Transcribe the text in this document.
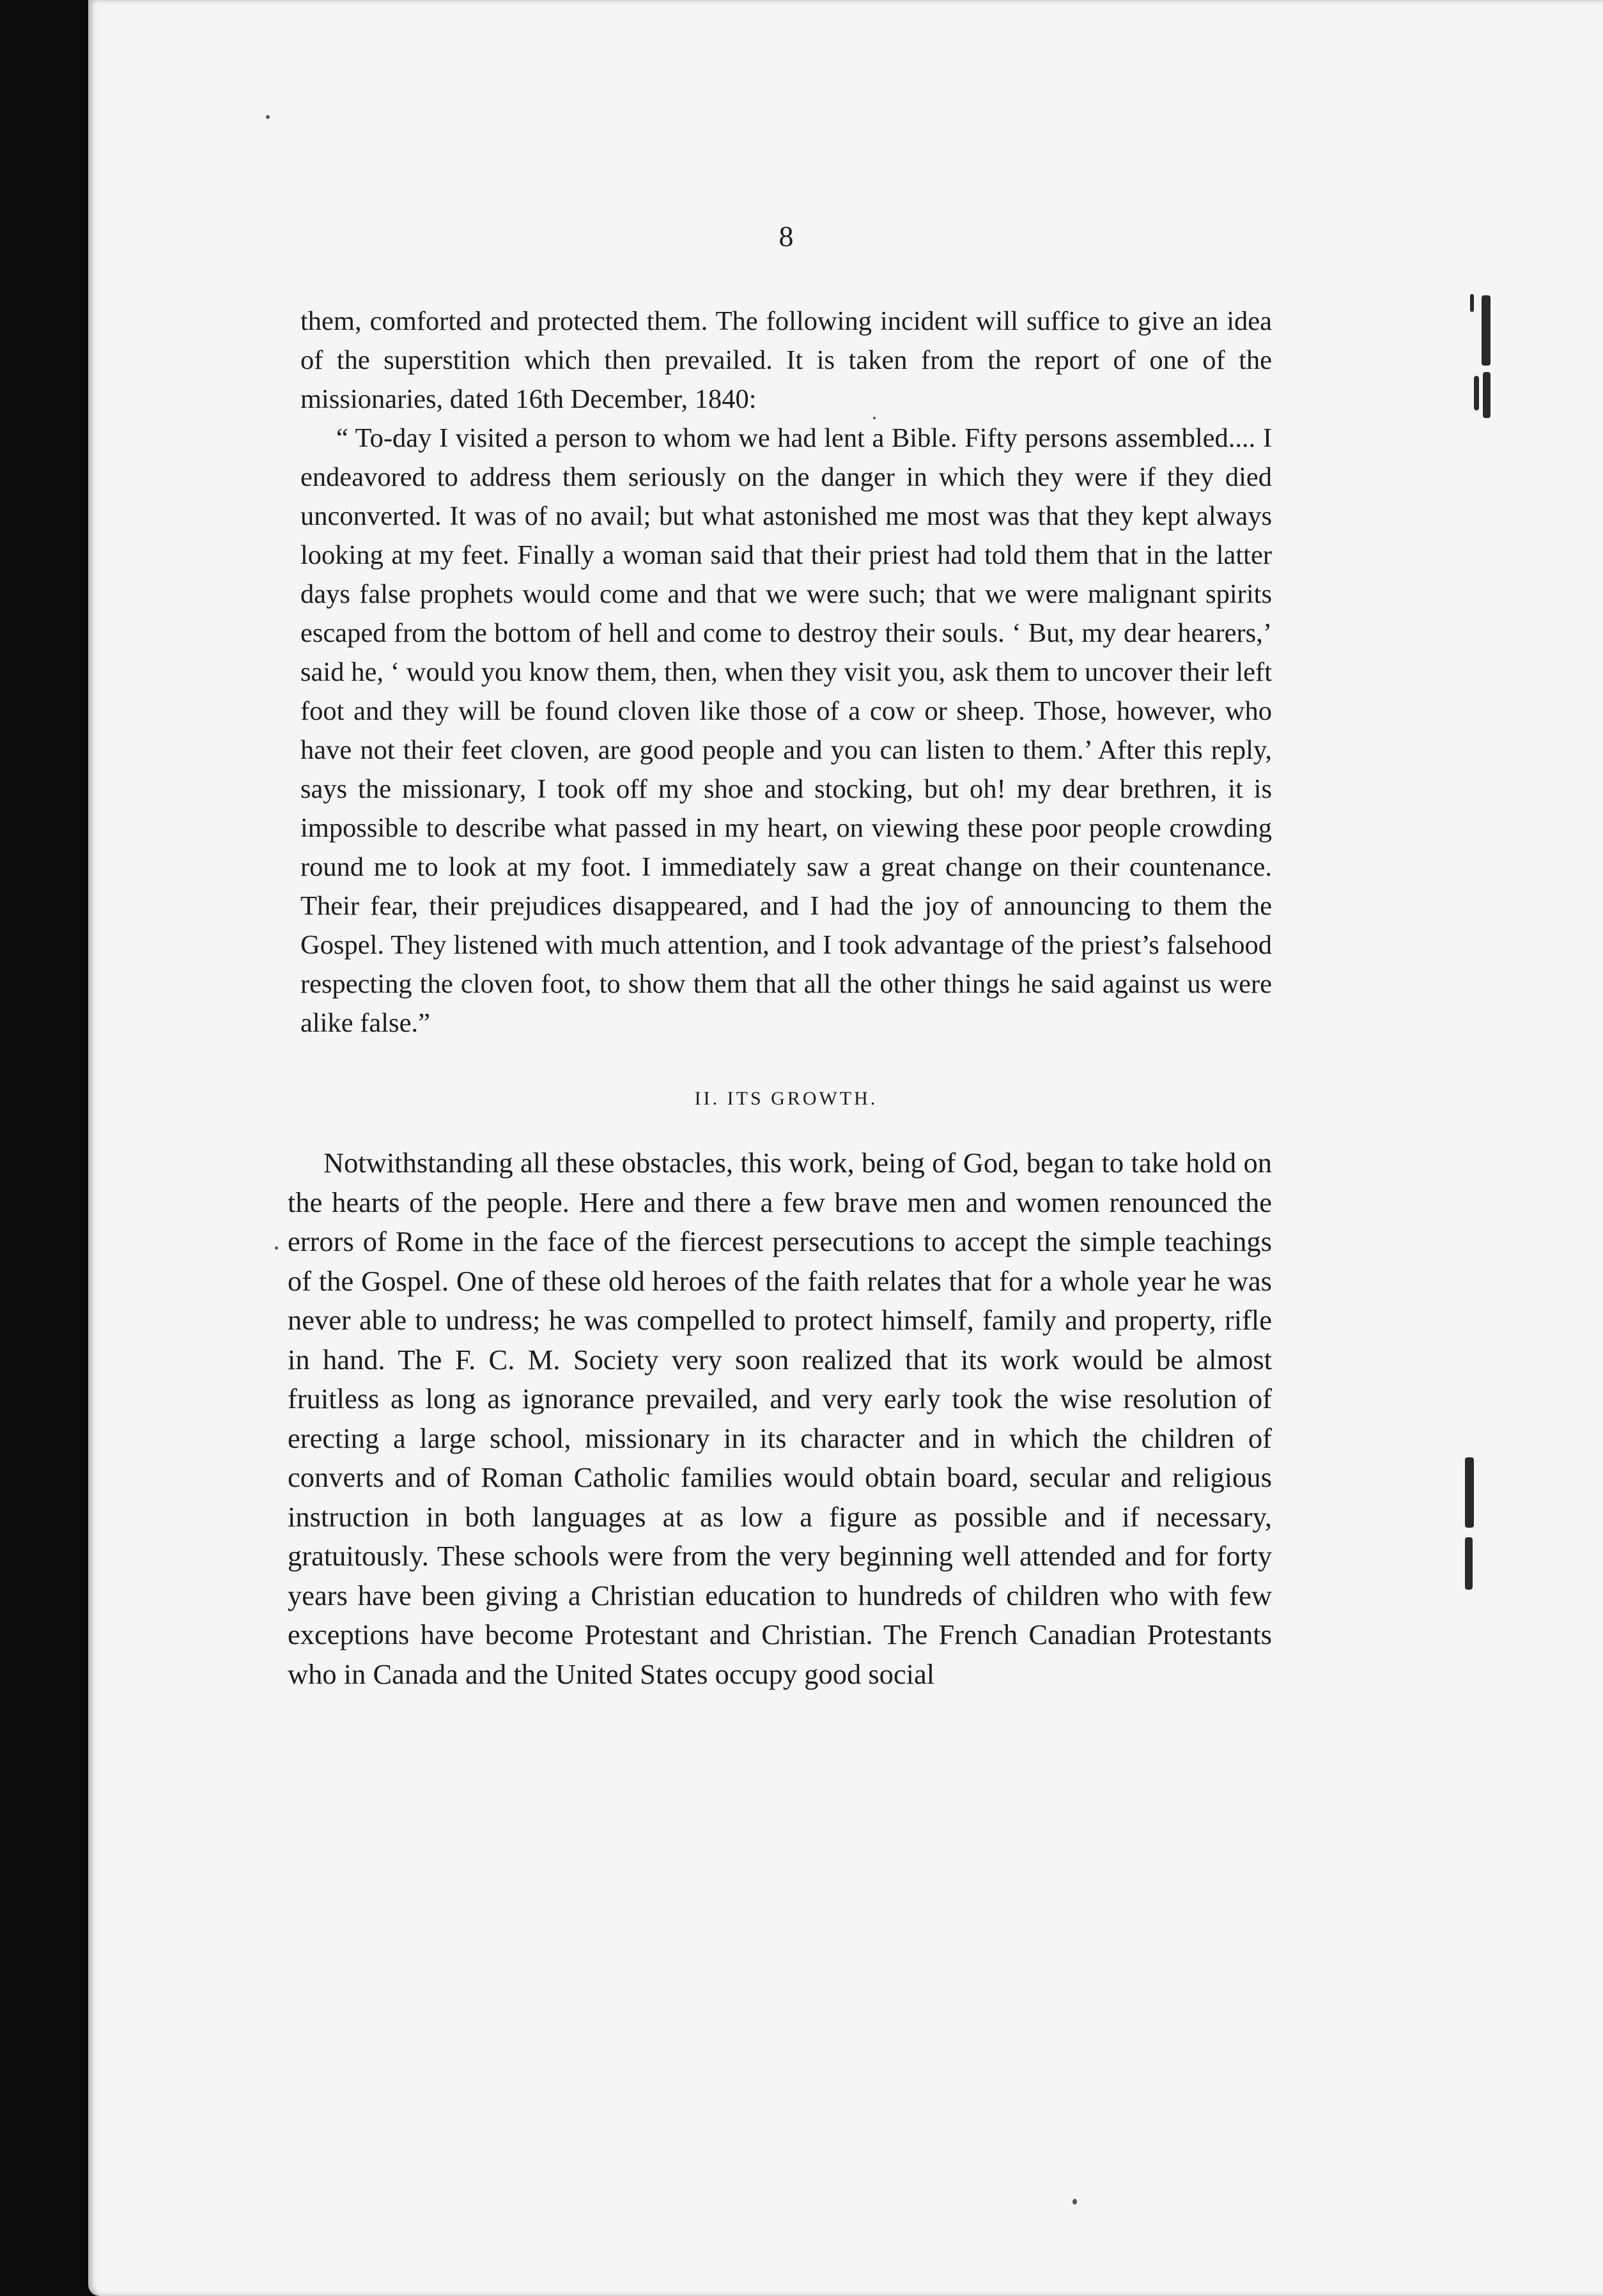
8

them, comforted and protected them. The following incident will suffice to give an idea of the superstition which then prevailed. It is taken from the report of one of the missionaries, dated 16th December, 1840:

“ To-day I visited a person to whom we had lent a Bible. Fifty persons assembled.... I endeavored to address them seriously on the danger in which they were if they died unconverted. It was of no avail; but what astonished me most was that they kept always looking at my feet. Finally a woman said that their priest had told them that in the latter days false prophets would come and that we were such; that we were malignant spirits escaped from the bottom of hell and come to destroy their souls. ‘ But, my dear hearers,’ said he, ‘ would you know them, then, when they visit you, ask them to uncover their left foot and they will be found cloven like those of a cow or sheep. Those, however, who have not their feet cloven, are good people and you can listen to them.’ After this reply, says the missionary, I took off my shoe and stocking, but oh! my dear brethren, it is impossible to describe what passed in my heart, on viewing these poor people crowding round me to look at my foot. I immediately saw a great change on their countenance. Their fear, their prejudices disappeared, and I had the joy of announcing to them the Gospel. They listened with much attention, and I took advantage of the priest’s falsehood respecting the cloven foot, to show them that all the other things he said against us were alike false.”

II. ITS GROWTH.

Notwithstanding all these obstacles, this work, being of God, began to take hold on the hearts of the people. Here and there a few brave men and women renounced the errors of Rome in the face of the fiercest persecutions to accept the simple teachings of the Gospel. One of these old heroes of the faith relates that for a whole year he was never able to undress; he was compelled to protect himself, family and property, rifle in hand. The F. C. M. Society very soon realized that its work would be almost fruitless as long as ignorance prevailed, and very early took the wise resolution of erecting a large school, missionary in its character and in which the children of converts and of Roman Catholic families would obtain board, secular and religious instruction in both languages at as low a figure as possible and if necessary, gratuitously. These schools were from the very beginning well attended and for forty years have been giving a Christian education to hundreds of children who with few exceptions have become Protestant and Christian. The French Canadian Protestants who in Canada and the United States occupy good social
